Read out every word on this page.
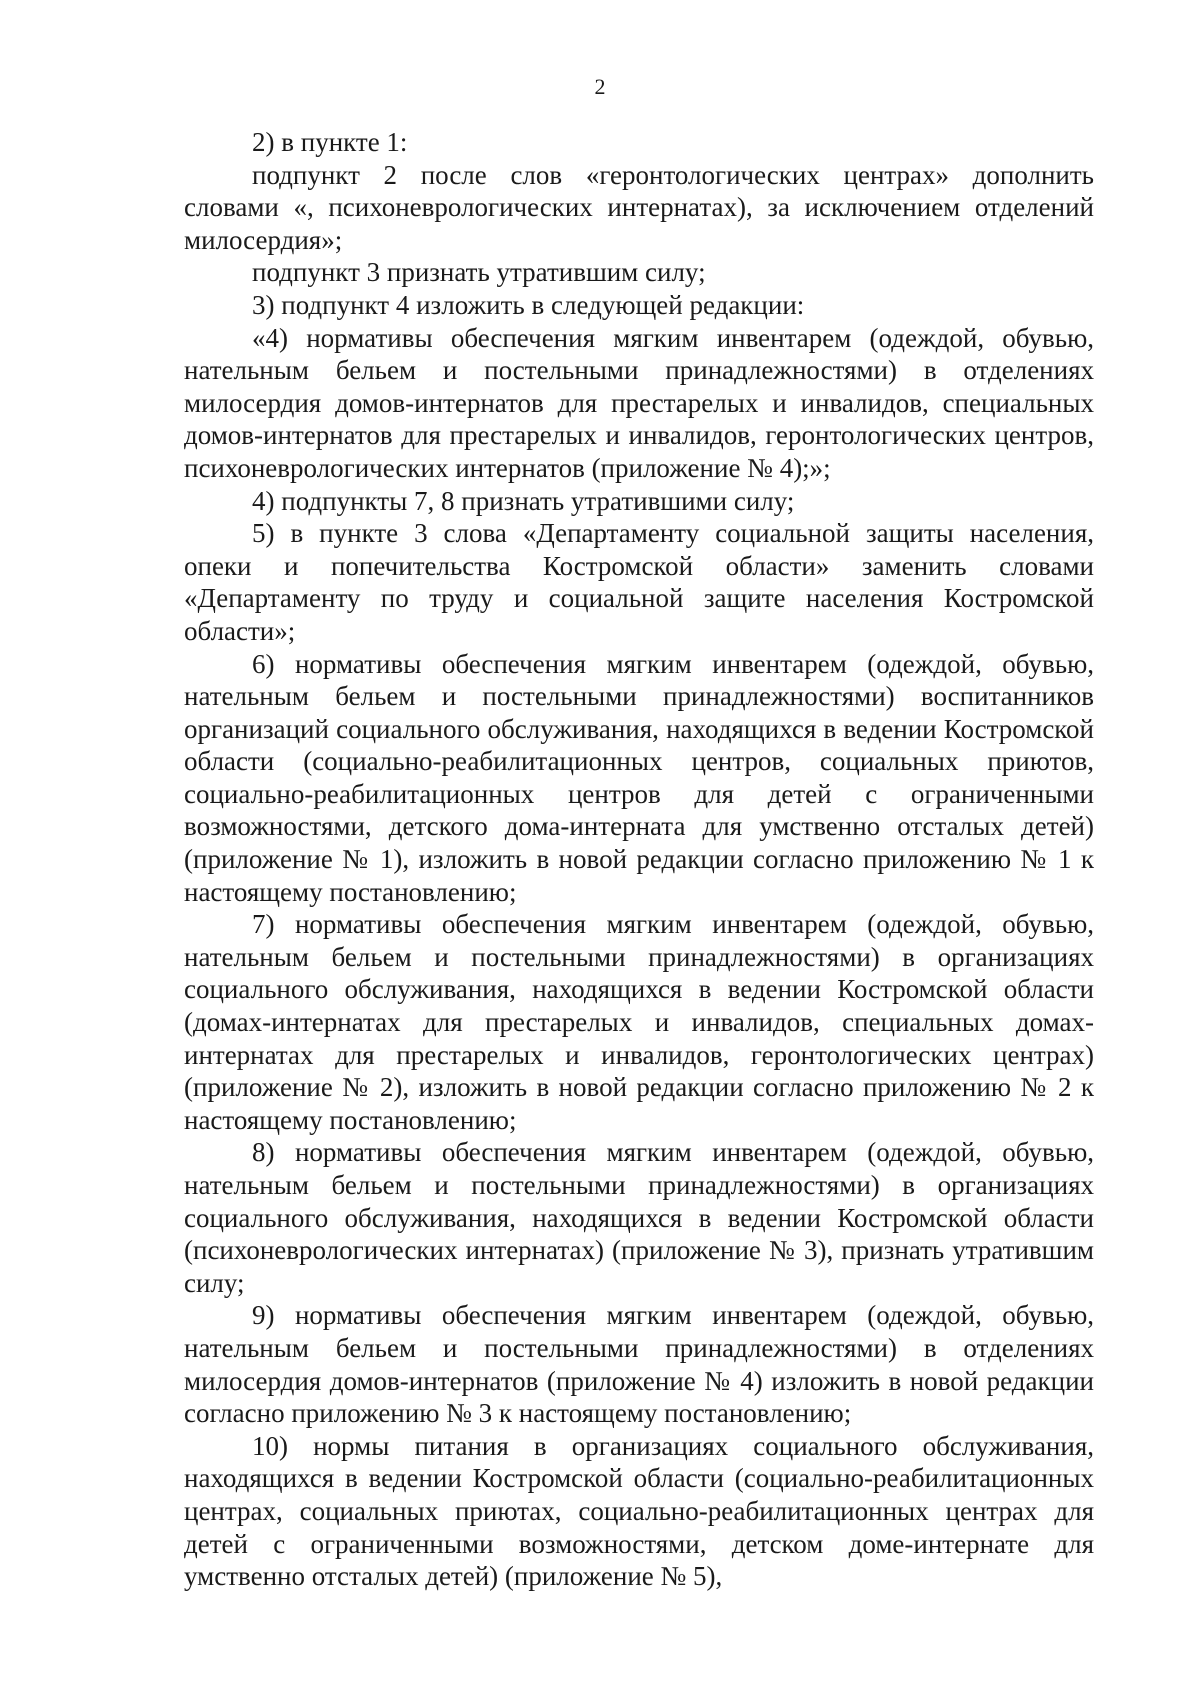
2

2) в пункте 1:

подпункт 2 после слов «геронтологических центрах» дополнить словами «, психоневрологических интернатах), за исключением отделений милосердия»;

подпункт 3 признать утратившим силу;

3) подпункт 4 изложить в следующей редакции:

«4) нормативы обеспечения мягким инвентарем (одеждой, обувью, нательным бельем и постельными принадлежностями) в отделениях милосердия домов-интернатов для престарелых и инвалидов, специальных домов-интернатов для престарелых и инвалидов, геронтологических центров, психоневрологических интернатов (приложение № 4);»;

4) подпункты 7, 8 признать утратившими силу;

5) в пункте 3 слова «Департаменту социальной защиты населения, опеки и попечительства Костромской области» заменить словами «Департаменту по труду и социальной защите населения Костромской области»;

6) нормативы обеспечения мягким инвентарем (одеждой, обувью, нательным бельем и постельными принадлежностями) воспитанников организаций социального обслуживания, находящихся в ведении Костромской области (социально-реабилитационных центров, социальных приютов, социально-реабилитационных центров для детей с ограниченными возможностями, детского дома-интерната для умственно отсталых детей) (приложение № 1), изложить в новой редакции согласно приложению № 1 к настоящему постановлению;

7) нормативы обеспечения мягким инвентарем (одеждой, обувью, нательным бельем и постельными принадлежностями) в организациях социального обслуживания, находящихся в ведении Костромской области (домах-интернатах для престарелых и инвалидов, специальных домах-интернатах для престарелых и инвалидов, геронтологических центрах) (приложение № 2), изложить в новой редакции согласно приложению № 2 к настоящему постановлению;

8) нормативы обеспечения мягким инвентарем (одеждой, обувью, нательным бельем и постельными принадлежностями) в организациях социального обслуживания, находящихся в ведении Костромской области (психоневрологических интернатах) (приложение № 3), признать утратившим силу;

9) нормативы обеспечения мягким инвентарем (одеждой, обувью, нательным бельем и постельными принадлежностями) в отделениях милосердия домов-интернатов (приложение № 4) изложить в новой редакции согласно приложению № 3 к настоящему постановлению;

10) нормы питания в организациях социального обслуживания, находящихся в ведении Костромской области (социально-реабилитационных центрах, социальных приютах, социально-реабилитационных центрах для детей с ограниченными возможностями, детском доме-интернате для умственно отсталых детей) (приложение № 5),
